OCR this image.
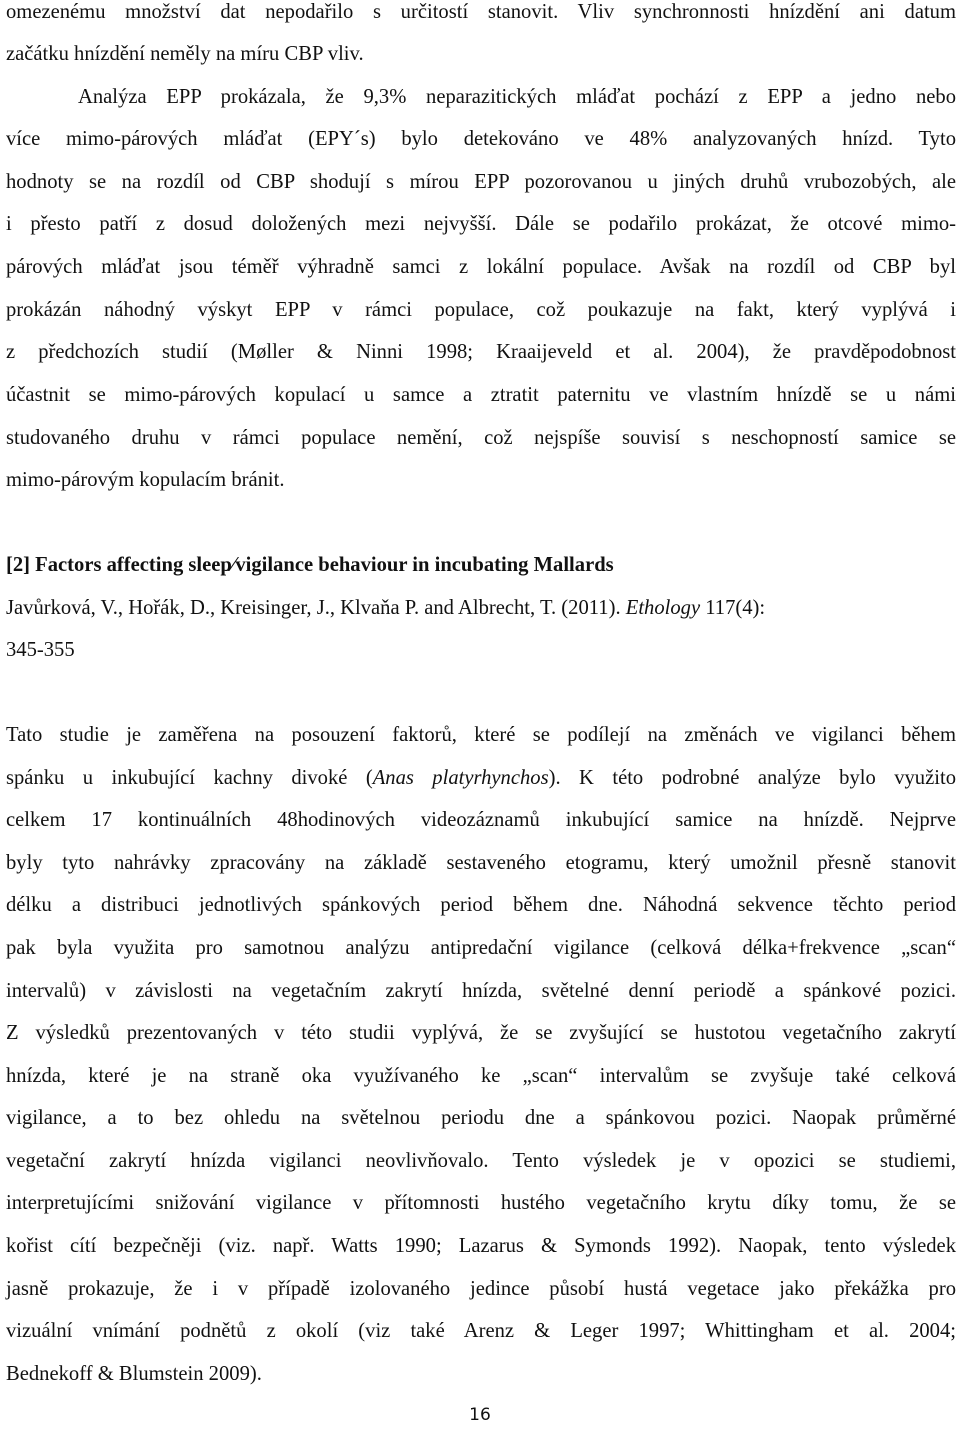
omezenému množství dat nepodařilo s určitostí stanovit. Vliv synchronnosti hnízdění ani datum
začátku hnízdění neměly na míru CBP vliv.
Analýza EPP prokázala, že 9,3% neparazitických mláďat pochází z EPP a jedno nebo
více mimo-párových mláďat (EPY´s) bylo detekováno ve 48% analyzovaných hnízd. Tyto
hodnoty se na rozdíl od CBP shodují s mírou EPP pozorovanou u jiných druhů vrubozobých, ale
i přesto patří z dosud doložených mezi nejvyšší. Dále se podařilo prokázat, že otcové mimo-
párových mláďat jsou téměř výhradně samci z lokální populace. Avšak na rozdíl od CBP byl
prokázán náhodný výskyt EPP v rámci populace, což poukazuje na fakt, který vyplývá i
z předchozích studií (Møller & Ninni 1998; Kraaijeveld et al. 2004), že pravděpodobnost
účastnit se mimo-párových kopulací u samce a ztratit paternitu ve vlastním hnízdě se u námi
studovaného druhu v rámci populace nemění, což nejspíše souvisí s neschopností samice se
mimo-párovým kopulacím bránit.
[2] Factors affecting sleep⁄vigilance behaviour in incubating Mallards
Javůrková, V., Hořák, D., Kreisinger, J., Klvaňa P. and Albrecht, T. (2011). Ethology 117(4):
345-355
Tato studie je zaměřena na posouzení faktorů, které se podílejí na změnách ve vigilanci během
spánku u inkubující kachny divoké (Anas platyrhynchos). K této podrobné analýze bylo využito
celkem 17 kontinuálních 48hodinových videozáznamů inkubující samice na hnízdě. Nejprve
byly tyto nahrávky zpracovány na základě sestaveného etogramu, který umožnil přesně stanovit
délku a distribuci jednotlivých spánkových period během dne. Náhodná sekvence těchto period
pak byla využita pro samotnou analýzu antipredační vigilance (celková délka+frekvence „scan“
intervalů) v závislosti na vegetačním zakrytí hnízda, světelné denní periodě a spánkové pozici.
Z výsledků prezentovaných v této studii vyplývá, že se zvyšující se hustotou vegetačního zakrytí
hnízda, které je na straně oka využívaného ke „scan“ intervalům se zvyšuje také celková
vigilance, a to bez ohledu na světelnou periodu dne a spánkovou pozici. Naopak průměrné
vegetační zakrytí hnízda vigilanci neovlivňovalo. Tento výsledek je v opozici se studiemi,
interpretujícími snižování vigilance v přítomnosti hustého vegetačního krytu díky tomu, že se
kořist cítí bezpečněji (viz. např. Watts 1990; Lazarus & Symonds 1992). Naopak, tento výsledek
jasně prokazuje, že i v případě izolovaného jedince působí hustá vegetace jako překážka pro
vizuální vnímání podnětů z okolí (viz také Arenz & Leger 1997; Whittingham et al. 2004;
Bednekoff & Blumstein 2009).
16
